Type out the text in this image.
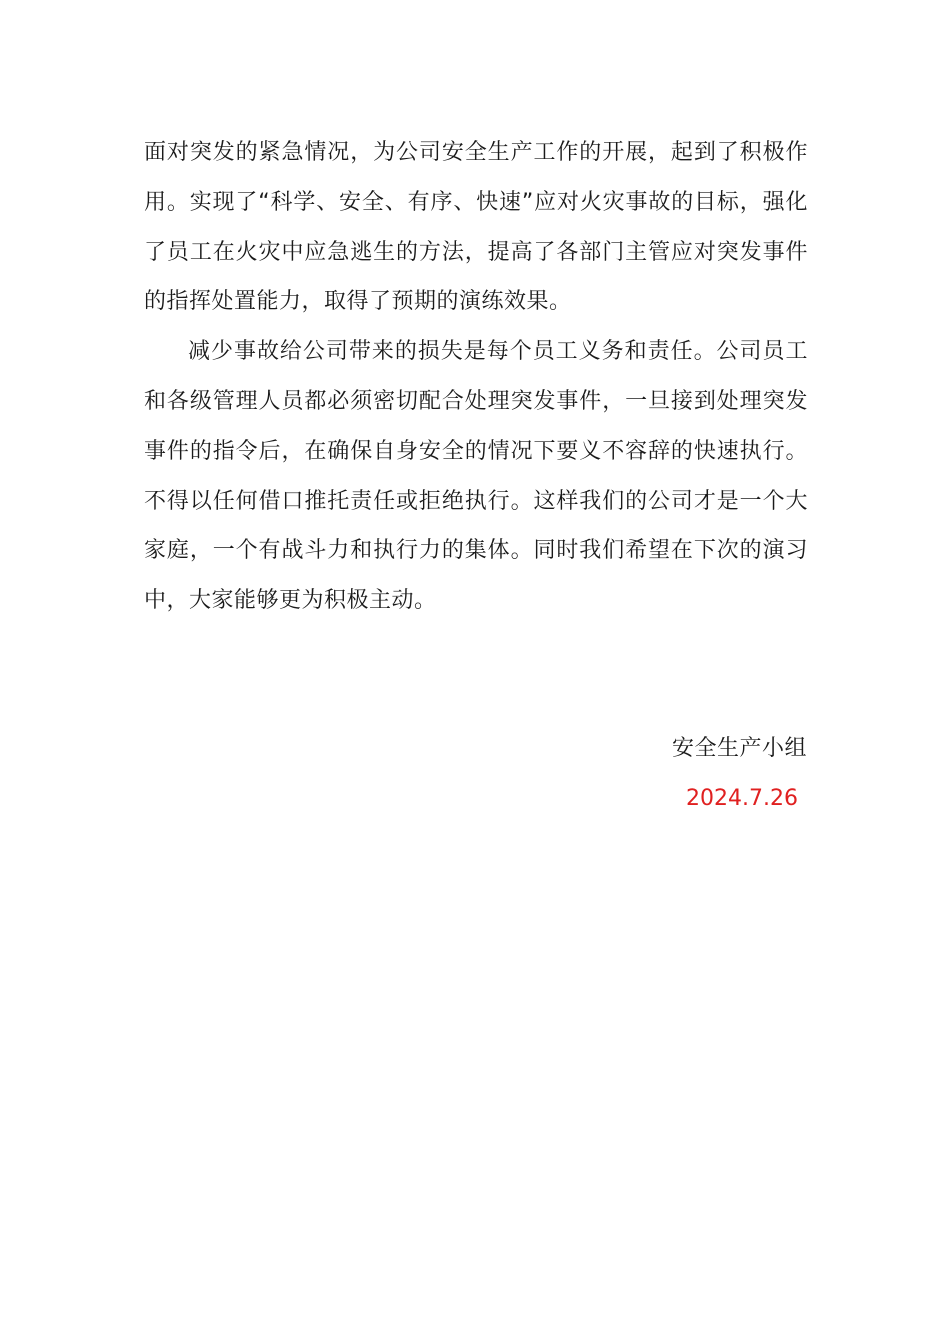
面对突发的紧急情况，为公司安全生产工作的开展，起到了积极作用。实现了“科学、安全、有序、快速”应对火灾事故的目标，强化了员工在火灾中应急逃生的方法，提高了各部门主管应对突发事件的指挥处置能力，取得了预期的演练效果。

减少事故给公司带来的损失是每个员工义务和责任。公司员工和各级管理人员都必须密切配合处理突发事件，一旦接到处理突发事件的指令后，在确保自身安全的情况下要义不容辞的快速执行。不得以任何借口推托责任或拒绝执行。这样我们的公司才是一个大家庭，一个有战斗力和执行力的集体。同时我们希望在下次的演习中，大家能够更为积极主动。

安全生产小组
2024.7.26
